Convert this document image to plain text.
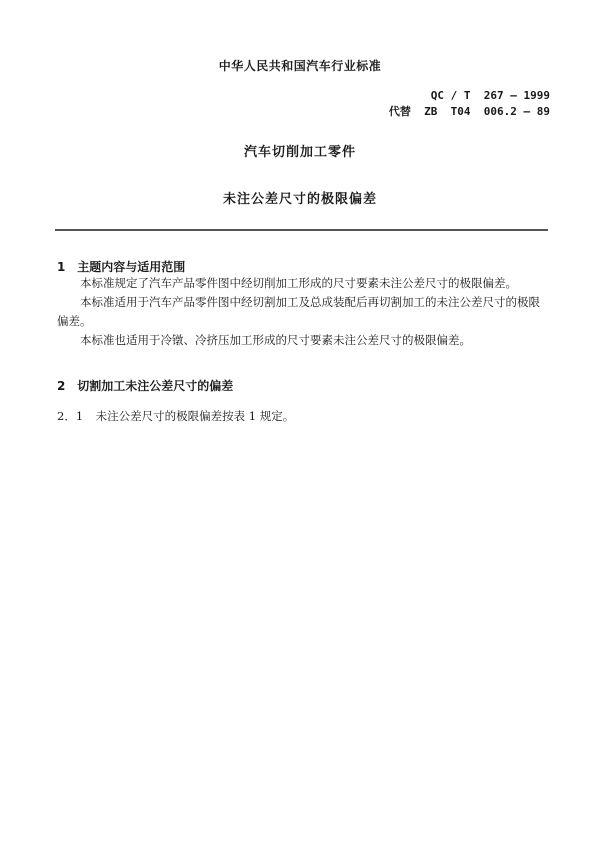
中华人民共和国汽车行业标准
QC / T  267 — 1999
代替  ZB  T04  006.2 — 89
汽车切削加工零件
未注公差尺寸的极限偏差
1 主题内容与适用范围

本标准规定了汽车产品零件图中经切削加工形成的尺寸要素未注公差尺寸的极限偏差。

本标准适用于汽车产品零件图中经切割加工及总成装配后再切割加工的未注公差尺寸的极限偏差。

本标准也适用于冷镦、冷挤压加工形成的尺寸要素未注公差尺寸的极限偏差。

2 切割加工未注公差尺寸的偏差
2．1 未注公差尺寸的极限偏差按表 1 规定。
